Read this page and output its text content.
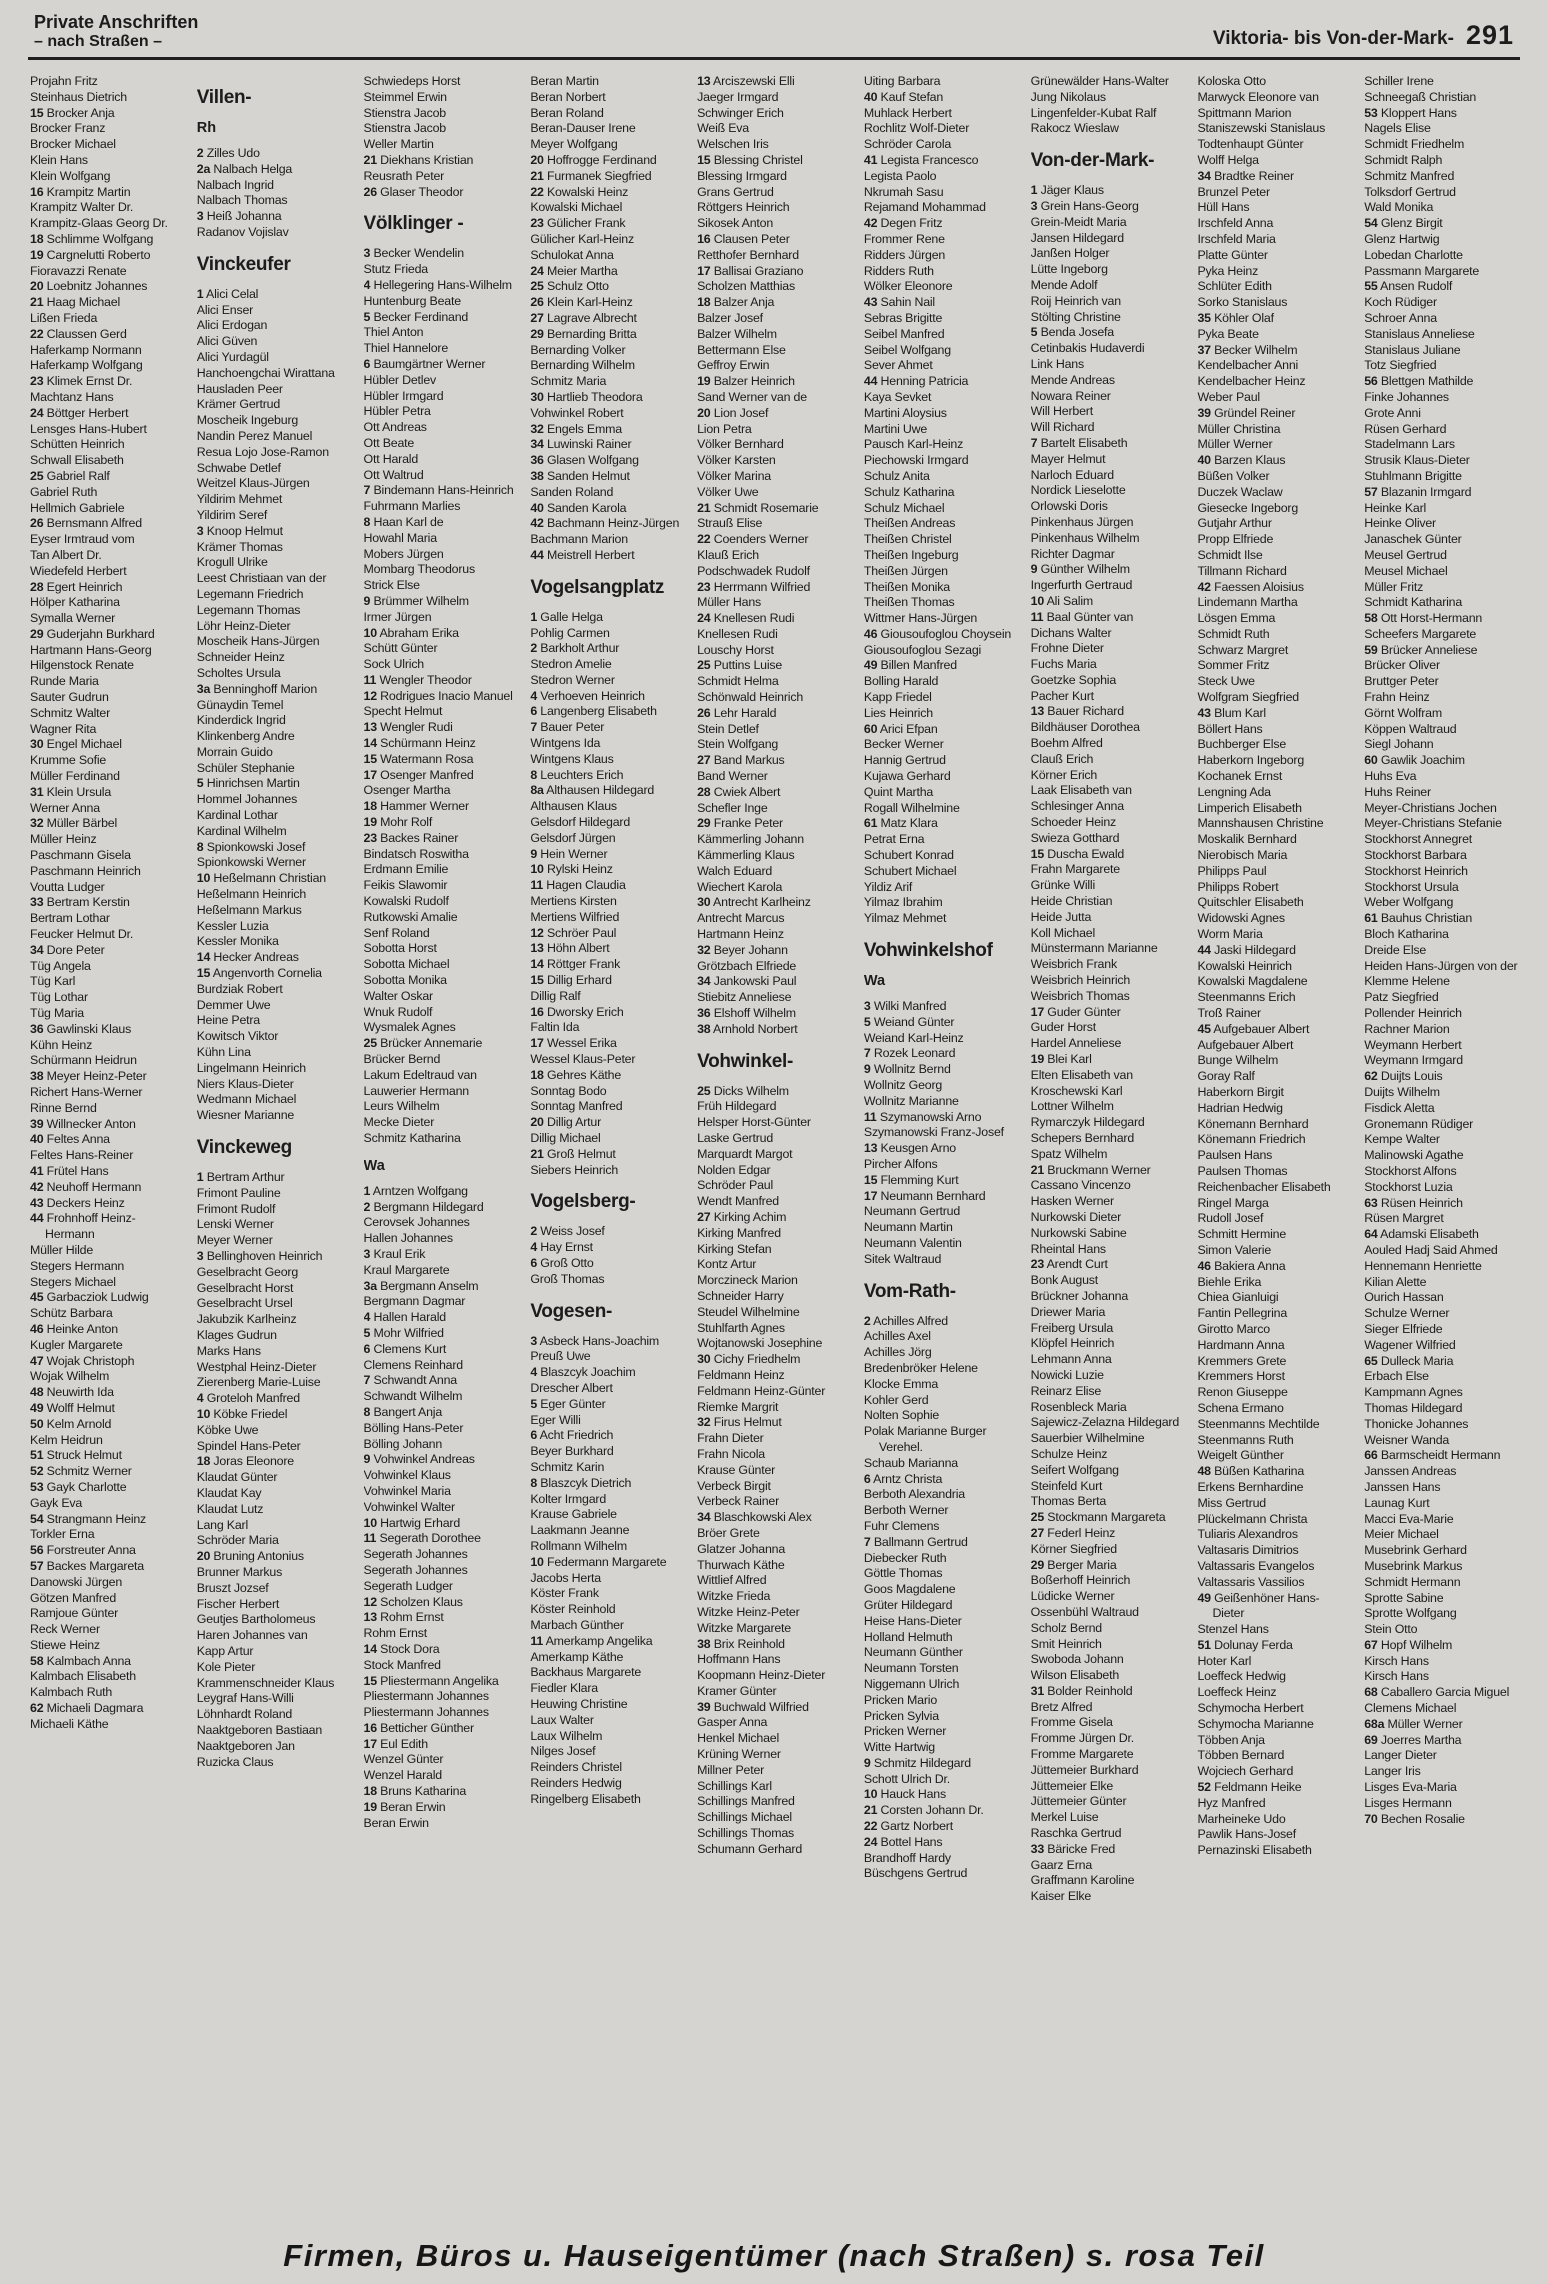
Private Anschriften
– nach Straßen –	Viktoria- bis Von-der-Mark- 291
Projahn Fritz
Steinhaus Dietrich
15 Brocker Anja
Brocker Franz
Brocker Michael
Klein Hans
Klein Wolfgang
16 Krampitz Martin
Krampitz Walter Dr.
Krampitz-Glaas Georg Dr.
18 Schlimme Wolfgang
19 Cargnelutti Roberto
Fioravazzi Renate
20 Loebnitz Johannes
21 Haag Michael
Lißen Frieda
22 Claussen Gerd
Haferkamp Normann
Haferkamp Wolfgang
23 Klimek Ernst Dr.
Machtanz Hans
24 Böttger Herbert
Lensges Hans-Hubert
Schütten Heinrich
Schwall Elisabeth
25 Gabriel Ralf
Gabriel Ruth
Hellmich Gabriele
26 Bernsmann Alfred
Eyser Irmtraud vom
Tan Albert Dr.
Wiedefeld Herbert
28 Egert Heinrich
Hölper Katharina
Symalla Werner
29 Guderjahn Burkhard
Hartmann Hans-Georg
Hilgenstock Renate
Runde Maria
Sauter Gudrun
Schmitz Walter
Wagner Rita
30 Engel Michael
Krumme Sofie
Müller Ferdinand
31 Klein Ursula
Werner Anna
32 Müller Bärbel
Müller Heinz
Paschmann Gisela
Paschmann Heinrich
Voutta Ludger
33 Bertram Kerstin
Bertram Lothar
Feucker Helmut Dr.
34 Dore Peter
Tüg Angela
Tüg Karl
Tüg Lothar
Tüg Maria
36 Gawlinski Klaus
Kühn Heinz
Schürmann Heidrun
38 Meyer Heinz-Peter
Richert Hans-Werner
Rinne Bernd
39 Willnecker Anton
40 Feltes Anna
Feltes Hans-Reiner
41 Frütel Hans
42 Neuhoff Hermann
43 Deckers Heinz
44 Frohnhoff Heinz-Hermann
Müller Hilde
Stegers Hermann
Stegers Michael
45 Garbacziok Ludwig
Schütz Barbara
46 Heinke Anton
Kugler Margarete
47 Wojak Christoph
Wojak Wilhelm
48 Neuwirth Ida
49 Wolff Helmut
50 Kelm Arnold
Kelm Heidrun
51 Struck Helmut
52 Schmitz Werner
53 Gayk Charlotte
Gayk Eva
54 Strangmann Heinz
Torkler Erna
56 Forstreuter Anna
57 Backes Margareta
Danowski Jürgen
Götzen Manfred
Ramjoue Günter
Reck Werner
Stiewe Heinz
58 Kalmbach Anna
Kalmbach Elisabeth
Kalmbach Ruth
62 Michaeli Dagmara
Michaeli Käthe
Villen-
Rh
2 Zilles Udo
2a Nalbach Helga
Nalbach Ingrid
Nalbach Thomas
3 Heiß Johanna
Radanov Vojislav
Vinckeufer
1 Alici Celal
Alici Enser
Alici Erdogan
Alici Güven
Alici Yurdagül
Hanchoengchai Wirattana
Hausladen Peer
Krämer Gertrud
Moscheik Ingeburg
Nandin Perez Manuel
Resua Lojo Jose-Ramon
Schwabe Detlef
Weitzel Klaus-Jürgen
Yildirim Mehmet
Yildirim Seref
3 Knoop Helmut
Krämer Thomas
Krogull Ulrike
Leest Christiaan van der
Legemann Friedrich
Legemann Thomas
Löhr Heinz-Dieter
Moscheik Hans-Jürgen
Schneider Heinz
Scholtes Ursula
3a Benninghoff Marion
Günaydin Temel
Kinderdick Ingrid
Klinkenberg Andre
Morrain Guido
Schüler Stephanie
5 Hinrichsen Martin
Hommel Johannes
Kardinal Lothar
Kardinal Wilhelm
8 Spionkowski Josef
Spionkowski Werner
10 Heßelmann Christian
Heßelmann Heinrich
Heßelmann Markus
Kessler Luzia
Kessler Monika
14 Hecker Andreas
15 Angenvorth Cornelia
Burdziak Robert
Demmer Uwe
Heine Petra
Kowitsch Viktor
Kühn Lina
Lingelmann Heinrich
Niers Klaus-Dieter
Wedmann Michael
Wiesner Marianne
Vinckeweg
1 Bertram Arthur
Frimont Pauline
Frimont Rudolf
Lenski Werner
Meyer Werner
3 Bellinghoven Heinrich
Geselbracht Georg
Geselbracht Horst
Geselbracht Ursel
Jakubzik Karlheinz
Klages Gudrun
Marks Hans
Westphal Heinz-Dieter
Zierenberg Marie-Luise
4 Groteloh Manfred
10 Köbke Friedel
Köbke Uwe
Spindel Hans-Peter
18 Joras Eleonore
Klaudat Günter
Klaudat Kay
Klaudat Lutz
Lang Karl
Schröder Maria
20 Bruning Antonius
Brunner Markus
Bruszt Jozsef
Fischer Herbert
Geutjes Bartholomeus
Haren Johannes van
Kapp Artur
Kole Pieter
Krammenschneider Klaus
Leygraf Hans-Willi
Löhnhardt Roland
Naaktgeboren Bastiaan
Naaktgeboren Jan
Ruzicka Claus
Schwiedeps Horst
Steimmel Erwin
Stienstra Jacob
Stienstra Jacob
Weller Martin
21 Diekhans Kristian
Reusrath Peter
26 Glaser Theodor
Völklinger -
3 Becker Wendelin
Stutz Frieda
4 Hellegering Hans-Wilhelm
Huntenburg Beate
5 Becker Ferdinand
Thiel Anton
Thiel Hannelore
6 Baumgärtner Werner
Hübler Detlev
Hübler Irmgard
Hübler Petra
Ott Andreas
Ott Beate
Ott Harald
Ott Waltrud
7 Bindemann Hans-Heinrich
Fuhrmann Marlies
8 Haan Karl de
Howahl Maria
Mobers Jürgen
Mombarg Theodorus
Strick Else
9 Brümmer Wilhelm
Irmer Jürgen
10 Abraham Erika
Schütt Günter
Sock Ulrich
11 Wengler Theodor
12 Rodrigues Inacio Manuel
Specht Helmut
13 Wengler Rudi
14 Schürmann Heinz
15 Watermann Rosa
17 Osenger Manfred
Osenger Martha
18 Hammer Werner
19 Mohr Rolf
23 Backes Rainer
Bindatsch Roswitha
Erdmann Emilie
Feikis Slawomir
Kowalski Rudolf
Rutkowski Amalie
Senf Roland
Sobotta Horst
Sobotta Michael
Sobotta Monika
Walter Oskar
Wnuk Rudolf
Wysmalek Agnes
25 Brücker Annemarie
Brücker Bernd
Lakum Edeltraud van
Lauwerier Hermann
Leurs Wilhelm
Mecke Dieter
Schmitz Katharina
Wa
1 Arntzen Wolfgang
2 Bergmann Hildegard
Cerovsek Johannes
Hallen Johannes
3 Kraul Erik
Kraul Margarete
3a Bergmann Anselm
Bergmann Dagmar
4 Hallen Harald
5 Mohr Wilfried
6 Clemens Kurt
Clemens Reinhard
7 Schwandt Anna
Schwandt Wilhelm
8 Bangert Anja
Bölling Hans-Peter
Bölling Johann
9 Vohwinkel Andreas
Vohwinkel Klaus
Vohwinkel Maria
Vohwinkel Walter
10 Hartwig Erhard
11 Segerath Dorothee
Segerath Johannes
Segerath Johannes
Segerath Ludger
12 Scholzen Klaus
13 Rohm Ernst
Rohm Ernst
14 Stock Dora
Stock Manfred
15 Pliestermann Angelika
Pliestermann Johannes
Pliestermann Johannes
16 Betticher Günther
17 Eul Edith
Wenzel Günter
Wenzel Harald
18 Bruns Katharina
19 Beran Erwin
Beran Erwin
Beran Martin
Beran Norbert
Beran Roland
Beran-Dauser Irene
Meyer Wolfgang
20 Hoffrogge Ferdinand
21 Furmanek Siegfried
22 Kowalski Heinz
Kowalski Michael
23 Gülicher Frank
Gülicher Karl-Heinz
Schulokat Anna
24 Meier Martha
25 Schulz Otto
26 Klein Karl-Heinz
27 Lagrave Albrecht
29 Bernarding Britta
Bernarding Volker
Bernarding Wilhelm
Schmitz Maria
30 Hartlieb Theodora
Vohwinkel Robert
32 Engels Emma
34 Luwinski Rainer
36 Glasen Wolfgang
38 Sanden Helmut
Sanden Roland
40 Sanden Karola
42 Bachmann Heinz-Jürgen
Bachmann Marion
44 Meistrell Herbert
Vogelsangplatz
1 Galle Helga
Pohlig Carmen
2 Barkholt Arthur
Stedron Amelie
Stedron Werner
4 Verhoeven Heinrich
6 Langenberg Elisabeth
7 Bauer Peter
Wintgens Ida
Wintgens Klaus
8 Leuchters Erich
8a Althausen Hildegard
Althausen Klaus
Gelsdorf Hildegard
Gelsdorf Jürgen
9 Hein Werner
10 Rylski Heinz
11 Hagen Claudia
Mertiens Kirsten
Mertiens Wilfried
12 Schröer Paul
13 Höhn Albert
14 Röttger Frank
15 Dillig Erhard
Dillig Ralf
16 Dworsky Erich
Faltin Ida
17 Wessel Erika
Wessel Klaus-Peter
18 Gehres Käthe
Sonntag Bodo
Sonntag Manfred
20 Dillig Artur
Dillig Michael
21 Groß Helmut
Siebers Heinrich
Vogelsberg-
2 Weiss Josef
4 Hay Ernst
6 Groß Otto
Groß Thomas
Vogesen-
3 Asbeck Hans-Joachim
Preuß Uwe
4 Blaszcyk Joachim
Drescher Albert
5 Eger Günter
Eger Willi
6 Acht Friedrich
Beyer Burkhard
Schmitz Karin
8 Blaszcyk Dietrich
Kolter Irmgard
Krause Gabriele
Laakmann Jeanne
Rollmann Wilhelm
10 Federmann Margarete
Jacobs Herta
Köster Frank
Köster Reinhold
Marbach Günther
11 Amerkamp Angelika
Amerkamp Käthe
Backhaus Margarete
Fiedler Klara
Heuwing Christine
Laux Walter
Laux Wilhelm
Nilges Josef
Reinders Christel
Reinders Hedwig
Ringelberg Elisabeth
13 Arciszewski Elli
Jaeger Irmgard
Schwinger Erich
Weiß Eva
Welschen Iris
15 Blessing Christel
Blessing Irmgard
Grans Gertrud
Röttgers Heinrich
Sikosek Anton
16 Clausen Peter
Retthofer Bernhard
17 Ballisai Graziano
Scholzen Matthias
18 Balzer Anja
Balzer Josef
Balzer Wilhelm
Bettermann Else
Geffroy Erwin
19 Balzer Heinrich
Sand Werner van de
20 Lion Josef
Lion Petra
Völker Bernhard
Völker Karsten
Völker Marina
Völker Uwe
21 Schmidt Rosemarie
Strauß Elise
22 Coenders Werner
Klauß Erich
Podschwadek Rudolf
23 Herrmann Wilfried
Müller Hans
24 Knellesen Rudi
Knellesen Rudi
Louschy Horst
25 Puttins Luise
Schmidt Helma
Schönwald Heinrich
26 Lehr Harald
Stein Detlef
Stein Wolfgang
27 Band Markus
Band Werner
28 Cwiek Albert
Schefler Inge
29 Franke Peter
Kämmerling Johann
Kämmerling Klaus
Walch Eduard
Wiechert Karola
30 Antrecht Karlheinz
Antrecht Marcus
Hartmann Heinz
32 Beyer Johann
Grötzbach Elfriede
34 Jankowski Paul
Stiebitz Anneliese
36 Elshoff Wilhelm
38 Arnhold Norbert
Vohwinkel-
25 Dicks Wilhelm
Früh Hildegard
Helsper Horst-Günter
Laske Gertrud
Marquardt Margot
Nolden Edgar
Schröder Paul
Wendt Manfred
27 Kirking Achim
Kirking Manfred
Kirking Stefan
Kontz Artur
Morczineck Marion
Schneider Harry
Steudel Wilhelmine
Stuhlfarth Agnes
Wojtanowski Josephine
30 Cichy Friedhelm
Feldmann Heinz
Feldmann Heinz-Günter
Riemke Margrit
32 Firus Helmut
Frahn Dieter
Frahn Nicola
Krause Günter
Verbeck Birgit
Verbeck Rainer
34 Blaschkowski Alex
Bröer Grete
Glatzer Johanna
Thurwach Käthe
Wittlief Alfred
Witzke Frieda
Witzke Heinz-Peter
Witzke Margarete
38 Brix Reinhold
Hoffmann Hans
Koopmann Heinz-Dieter
Kramer Günter
39 Buchwald Wilfried
Gasper Anna
Henkel Michael
Krüning Werner
Millner Peter
Schillings Karl
Schillings Manfred
Schillings Michael
Schillings Thomas
Schumann Gerhard
Uiting Barbara
40 Kauf Stefan
Muhlack Herbert
Rochlitz Wolf-Dieter
Schröder Carola
41 Legista Francesco
Legista Paolo
Nkrumah Sasu
Rejamand Mohammad
42 Degen Fritz
Frommer Rene
Ridders Jürgen
Ridders Ruth
Wölker Eleonore
43 Sahin Nail
Sebras Brigitte
Seibel Manfred
Seibel Wolfgang
Sever Ahmet
44 Henning Patricia
Kaya Sevket
Martini Aloysius
Martini Uwe
Pausch Karl-Heinz
Piechowski Irmgard
Schulz Anita
Schulz Katharina
Schulz Michael
Theißen Andreas
Theißen Christel
Theißen Ingeburg
Theißen Jürgen
Theißen Monika
Theißen Thomas
Wittmer Hans-Jürgen
46 Giousoufoglou Choysein
Giousoufoglou Sezagi
49 Billen Manfred
Bolling Harald
Kapp Friedel
Lies Heinrich
60 Arici Efpan
Becker Werner
Hannig Gertrud
Kujawa Gerhard
Quint Martha
Rogall Wilhelmine
61 Matz Klara
Petrat Erna
Schubert Konrad
Schubert Michael
Yildiz Arif
Yilmaz Ibrahim
Yilmaz Mehmet
Vohwinkelshof
Wa
3 Wilki Manfred
5 Weiand Günter
Weiand Karl-Heinz
7 Rozek Leonard
9 Wollnitz Bernd
Wollnitz Georg
Wollnitz Marianne
11 Szymanowski Arno
Szymanowski Franz-Josef
13 Keusgen Arno
Pircher Alfons
15 Flemming Kurt
17 Neumann Bernhard
Neumann Gertrud
Neumann Martin
Neumann Valentin
Sitek Waltraud
Vom-Rath-
2 Achilles Alfred
Achilles Axel
Achilles Jörg
Bredenbröker Helene
Klocke Emma
Kohler Gerd
Nolten Sophie
Polak Marianne Burger Verehel.
Schaub Marianna
6 Arntz Christa
Berboth Alexandria
Berboth Werner
Fuhr Clemens
7 Ballmann Gertrud
Diebecker Ruth
Göttle Thomas
Goos Magdalene
Grüter Hildegard
Heise Hans-Dieter
Holland Helmuth
Neumann Günther
Neumann Torsten
Niggemann Ulrich
Pricken Mario
Pricken Sylvia
Pricken Werner
Witte Hartwig
9 Schmitz Hildegard
Schott Ulrich Dr.
10 Hauck Hans
21 Corsten Johann Dr.
22 Gartz Norbert
24 Bottel Hans
Brandhoff Hardy
Büschgens Gertrud
Grünewälder Hans-Walter
Jung Nikolaus
Lingenfelder-Kubat Ralf
Rakocz Wieslaw
Von-der-Mark-
1 Jäger Klaus
3 Grein Hans-Georg
Grein-Meidt Maria
Jansen Hildegard
Janßen Holger
Lütte Ingeborg
Mende Adolf
Roij Heinrich van
Stölting Christine
5 Benda Josefa
Cetinbakis Hudaverdi
Link Hans
Mende Andreas
Nowara Reiner
Will Herbert
Will Richard
7 Bartelt Elisabeth
Mayer Helmut
Narloch Eduard
Nordick Lieselotte
Orlowski Doris
Pinkenhaus Jürgen
Pinkenhaus Wilhelm
Richter Dagmar
9 Günther Wilhelm
Ingerfurth Gertraud
10 Ali Salim
11 Baal Günter van
Dichans Walter
Frohne Dieter
Fuchs Maria
Goetzke Sophia
Pacher Kurt
13 Bauer Richard
Bildhäuser Dorothea
Boehm Alfred
Clauß Erich
Körner Erich
Laak Elisabeth van
Schlesinger Anna
Schoeder Heinz
Swieza Gotthard
15 Duscha Ewald
Frahn Margarete
Grünke Willi
Heide Christian
Heide Jutta
Koll Michael
Münstermann Marianne
Weisbrich Frank
Weisbrich Heinrich
Weisbrich Thomas
17 Guder Günter
Guder Horst
Hardel Anneliese
19 Blei Karl
Elten Elisabeth van
Kroschewski Karl
Lottner Wilhelm
Rymarczyk Hildegard
Schepers Bernhard
Spatz Wilhelm
21 Bruckmann Werner
Cassano Vincenzo
Hasken Werner
Nurkowski Dieter
Nurkowski Sabine
Rheintal Hans
23 Arendt Curt
Bonk August
Brückner Johanna
Driewer Maria
Freiberg Ursula
Klöpfel Heinrich
Lehmann Anna
Nowicki Luzie
Reinarz Elise
Rosenbleck Maria
Sajewicz-Zelazna Hildegard
Sauerbier Wilhelmine
Schulze Heinz
Seifert Wolfgang
Steinfeld Kurt
Thomas Berta
25 Stockmann Margareta
27 Federl Heinz
Körner Siegfried
29 Berger Maria
Boßerhoff Heinrich
Lüdicke Werner
Ossenbühl Waltraud
Scholz Bernd
Smit Heinrich
Swoboda Johann
Wilson Elisabeth
31 Bolder Reinhold
Bretz Alfred
Fromme Gisela
Fromme Jürgen Dr.
Fromme Margarete
Jüttemeier Burkhard
Jüttemeier Elke
Jüttemeier Günter
Merkel Luise
Raschka Gertrud
33 Bäricke Fred
Gaarz Erna
Graffmann Karoline
Kaiser Elke
Koloska Otto
Marwyck Eleonore van
Spittmann Marion
Staniszewski Stanislaus
Todtenhaupt Günter
Wolff Helga
34 Bradtke Reiner
Brunzel Peter
Hüll Hans
Irschfeld Anna
Irschfeld Maria
Platte Günter
Pyka Heinz
Schlüter Edith
Sorko Stanislaus
35 Köhler Olaf
Pyka Beate
37 Becker Wilhelm
Kendelbacher Anni
Kendelbacher Heinz
Weber Paul
39 Gründel Reiner
Müller Christina
Müller Werner
40 Barzen Klaus
Büßen Volker
Duczek Waclaw
Giesecke Ingeborg
Gutjahr Arthur
Propp Elfriede
Schmidt Ilse
Tillmann Richard
42 Faessen Aloisius
Lindemann Martha
Lösgen Emma
Schmidt Ruth
Schwarz Margret
Sommer Fritz
Steck Uwe
Wolfgram Siegfried
43 Blum Karl
Böllert Hans
Buchberger Else
Haberkorn Ingeborg
Kochanek Ernst
Lengning Ada
Limperich Elisabeth
Mannshausen Christine
Moskalik Bernhard
Nierobisch Maria
Philipps Paul
Philipps Robert
Quitschler Elisabeth
Widowski Agnes
Worm Maria
44 Jaski Hildegard
Kowalski Heinrich
Kowalski Magdalene
Steenmanns Erich
Troß Rainer
45 Aufgebauer Albert
Aufgebauer Albert
Bunge Wilhelm
Goray Ralf
Haberkorn Birgit
Hadrian Hedwig
Könemann Bernhard
Könemann Friedrich
Paulsen Hans
Paulsen Thomas
Reichenbacher Elisabeth
Ringel Marga
Rudoll Josef
Schmitt Hermine
Simon Valerie
46 Bakiera Anna
Biehle Erika
Chiea Gianluigi
Fantin Pellegrina
Girotto Marco
Hardmann Anna
Kremmers Grete
Kremmers Horst
Renon Giuseppe
Schena Ermano
Steenmanns Mechtilde
Steenmanns Ruth
Weigelt Günther
48 Büßen Katharina
Erkens Bernhardine
Miss Gertrud
Plückelmann Christa
Tuliaris Alexandros
Valtasaris Dimitrios
Valtassaris Evangelos
Valtassaris Vassilios
49 Geißenhöner Hans-Dieter
Stenzel Hans
51 Dolunay Ferda
Hoter Karl
Loeffeck Hedwig
Loeffeck Heinz
Schymocha Herbert
Schymocha Marianne
Többen Anja
Többen Bernard
Wojciech Gerhard
52 Feldmann Heike
Hyz Manfred
Marheineke Udo
Pawlik Hans-Josef
Pernazinski Elisabeth
Schiller Irene
Schneegaß Christian
53 Kloppert Hans
Nagels Elise
Schmidt Friedhelm
Schmidt Ralph
Schmitz Manfred
Tolksdorf Gertrud
Wald Monika
54 Glenz Birgit
Glenz Hartwig
Lobedan Charlotte
Passmann Margarete
55 Ansen Rudolf
Koch Rüdiger
Schroer Anna
Stanislaus Anneliese
Stanislaus Juliane
Totz Siegfried
56 Blettgen Mathilde
Finke Johannes
Grote Anni
Rüsen Gerhard
Stadelmann Lars
Strusik Klaus-Dieter
Stuhlmann Brigitte
57 Blazanin Irmgard
Heinke Karl
Heinke Oliver
Janaschek Günter
Meusel Gertrud
Meusel Michael
Müller Fritz
Schmidt Katharina
58 Ott Horst-Hermann
Scheefers Margarete
59 Brücker Anneliese
Brücker Oliver
Bruttger Peter
Frahn Heinz
Görnt Wolfram
Köppen Waltraud
Siegl Johann
60 Gawlik Joachim
Huhs Eva
Huhs Reiner
Meyer-Christians Jochen
Meyer-Christians Stefanie
Stockhorst Annegret
Stockhorst Barbara
Stockhorst Heinrich
Stockhorst Ursula
Weber Wolfgang
61 Bauhus Christian
Bloch Katharina
Dreide Else
Heiden Hans-Jürgen von der
Klemme Helene
Patz Siegfried
Pollender Heinrich
Rachner Marion
Weymann Herbert
Weymann Irmgard
62 Duijts Louis
Duijts Wilhelm
Fisdick Aletta
Gronemann Rüdiger
Kempe Walter
Malinowski Agathe
Stockhorst Alfons
Stockhorst Luzia
63 Rüsen Heinrich
Rüsen Margret
64 Adamski Elisabeth
Aouled Hadj Said Ahmed
Hennemann Henriette
Kilian Alette
Ourich Hassan
Schulze Werner
Sieger Elfriede
Wagener Wilfried
65 Dulleck Maria
Erbach Else
Kampmann Agnes
Thomas Hildegard
Thonicke Johannes
Weisner Wanda
66 Barmscheidt Hermann
Janssen Andreas
Janssen Hans
Launag Kurt
Macci Eva-Marie
Meier Michael
Musebrink Gerhard
Musebrink Markus
Schmidt Hermann
Sprotte Sabine
Sprotte Wolfgang
Stein Otto
67 Hopf Wilhelm
Kirsch Hans
Kirsch Hans
68 Caballero Garcia Miguel
Clemens Michael
68a Müller Werner
69 Joerres Martha
Langer Dieter
Langer Iris
Lisges Eva-Maria
Lisges Hermann
70 Bechen Rosalie
Firmen, Büros u. Hauseigentümer (nach Straßen) s. rosa Teil
